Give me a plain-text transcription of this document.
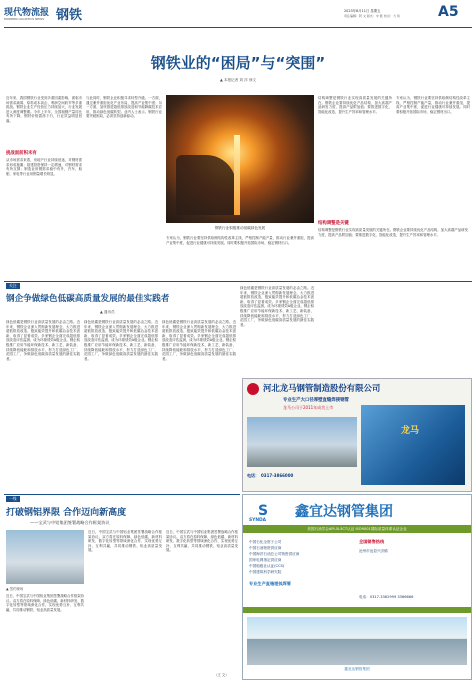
现代物流报
MODERN LOGISTICS NEWS 钢铁	2023年8月11日 星期五
责任编辑：阿 文 版式：中 胜 校对：力 珂	A5
钢铁业的“困局”与“突围”
▲ 本报记者 刘 洋 徐文
近年来，我国钢铁行业受到多重因素影响，面临市场需求减弱、原料成本高企、利润空间收窄等多重挑战。钢铁企业生产经营压力持续加大，行业发展进入深度调整期。今年上半年，全国粗钢产量同比有所下降，钢材价格震荡下行，行业效益明显回落。
挑战面前积未有
从市场需求来看，房地产行业持续低迷，对钢材需求形成拖累；基建投资保持一定增速，对钢材需求有所支撑；制造业用钢需求稳中有升，汽车、船舶、家电等行业用钢量增长明显。
与此同时，钢铁企业积极寻求转型升级。一方面，通过兼并重组优化产业布局，提高产业集中度；另一方面，加快推进超低排放改造和节能降碳技术应用，推动绿色低碳转型。业内人士表示，钢铁行业要突破困局，必须坚持创新驱动。
钢铁行业积极推动低碳绿色发展
结构调整是钢铁行业实现高质量发展的关键所在。钢铁企业要持续优化产品结构，加大高端产品研发力度，提高产品附加值；要推进数字化、智能化改造，提升生产效率和管理水平。
结构调整是关键
专家认为，钢铁行业要坚持供给侧结构性改革主线，严格控制产能产量，推动行业兼并重组，提高产业集中度，促进行业健康可持续发展。同时要积极开拓国际市场，稳定钢材出口。
专家认为，钢铁行业要坚持供给侧结构性改革主线，严格控制产能产量，推动行业兼并重组，提高产业集中度，促进行业健康可持续发展。同时要积极开拓国际市场，稳定钢材出口。
结构调整是钢铁行业实现高质量发展的关键所在。钢铁企业要持续优化产品结构，加大高端产品研发力度，提高产品附加值；要推进数字化、智能化改造，提升生产效率和管理水平。
关注
钢企争做绿色低碳高质量发展的最佳实践者
▲ 通讯员
绿色低碳是钢铁行业高质量发展的必由之路。近年来，钢铁企业深入贯彻新发展理念，大力推进超低排放改造、极致能效提升和低碳冶金技术创新，取得了显著成效。多家钢企全面完成超低排放改造评估监测，成为环境绩效A级企业。钢企积极推广应用节能环保新技术、新工艺、新装备，持续降低能耗和排放水平，努力打造绿色工厂、花园工厂，争做绿色低碳高质量发展的最佳实践者。
绿色低碳是钢铁行业高质量发展的必由之路。近年来，钢铁企业深入贯彻新发展理念，大力推进超低排放改造、极致能效提升和低碳冶金技术创新，取得了显著成效。多家钢企全面完成超低排放改造评估监测，成为环境绩效A级企业。钢企积极推广应用节能环保新技术、新工艺、新装备，持续降低能耗和排放水平，努力打造绿色工厂、花园工厂，争做绿色低碳高质量发展的最佳实践者。
绿色低碳是钢铁行业高质量发展的必由之路。近年来，钢铁企业深入贯彻新发展理念，大力推进超低排放改造、极致能效提升和低碳冶金技术创新，取得了显著成效。多家钢企全面完成超低排放改造评估监测，成为环境绩效A级企业。钢企积极推广应用节能环保新技术、新工艺、新装备，持续降低能耗和排放水平，努力打造绿色工厂、花园工厂，争做绿色低碳高质量发展的最佳实践者。
绿色低碳是钢铁行业高质量发展的必由之路。近年来，钢铁企业深入贯彻新发展理念，大力推进超低排放改造、极致能效提升和低碳冶金技术创新，取得了显著成效。多家钢企全面完成超低排放改造评估监测，成为环境绩效A级企业。钢企积极推广应用节能环保新技术、新工艺、新装备，持续降低能耗和排放水平，努力打造绿色工厂、花园工厂，争做绿色低碳高质量发展的最佳实践者。
河北龙马钢管制造股份有限公司
专业生产大口径厚壁直缝焊接钢管
龙马公司于2011年成功上市
龙马
电话： 0317-3866000
一线
打破钢铝界限 合作迈向新高度
——宝武与中铝集团签署战略合作框架协议
▲ 签约现场
近日，中国宝武与中国铝业集团签署战略合作框架协议。双方将在原料保障、绿色低碳、新材料研发、数字化转型等领域深化合作，实现优势互补、互利共赢，共同推动钢铁、铝业高质量发展。
近日，中国宝武与中国铝业集团签署战略合作框架协议。双方将在原料保障、绿色低碳、新材料研发、数字化转型等领域深化合作，实现优势互补、互利共赢，共同推动钢铁、铝业高质量发展。
近日，中国宝武与中国铝业集团签署战略合作框架协议。双方将在原料保障、绿色低碳、新材料研发、数字化转型等领域深化合作，实现优势互补、互利共赢，共同推动钢铁、铝业高质量发展。
（王 文）
S
SYNDA
鑫宜达钢管集团
美国石油学会API-5L5CT认证 ISO9001国际质量体系认证企业
中国石化全资子公司
中国石油物资供应商
中国海洋石油总公司物资供应商
国家电网指定供应商
中国船级社认证(CCS)
中国建筑科学研究院
全国销售热线
沧州市沧县兴济镇
专业生产直缝埋弧焊管
电话：0317-3362999 3366666
鑫宜达钢管集团
